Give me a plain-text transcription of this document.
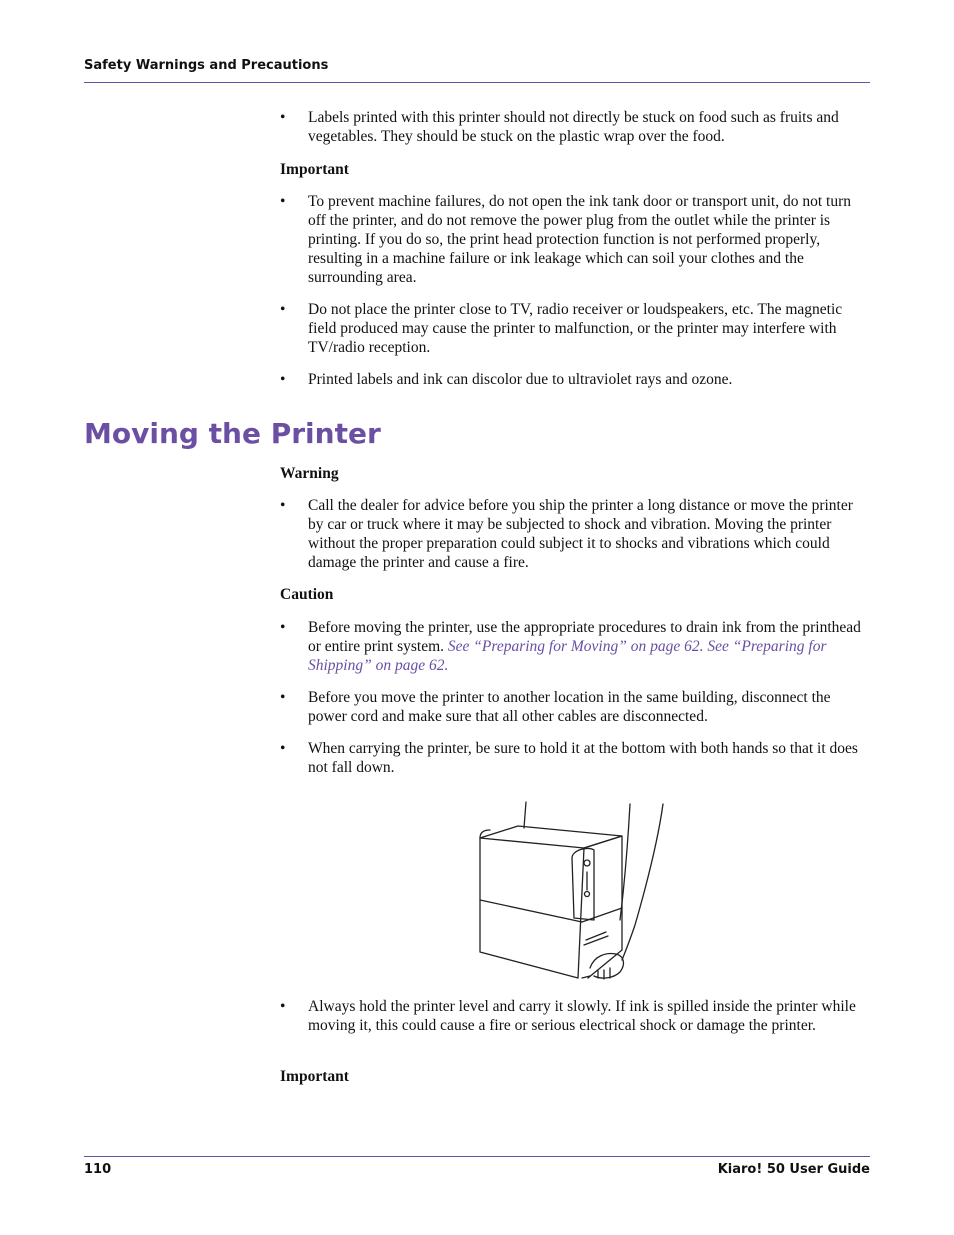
Safety Warnings and Precautions
• Labels printed with this printer should not directly be stuck on food such as fruits and vegetables. They should be stuck on the plastic wrap over the food.
Important
• To prevent machine failures, do not open the ink tank door or transport unit, do not turn off the printer, and do not remove the power plug from the outlet while the printer is printing. If you do so, the print head protection function is not performed properly, resulting in a machine failure or ink leakage which can soil your clothes and the surrounding area.
• Do not place the printer close to TV, radio receiver or loudspeakers, etc. The magnetic field produced may cause the printer to malfunction, or the printer may interfere with TV/radio reception.
• Printed labels and ink can discolor due to ultraviolet rays and ozone.
Moving the Printer
Warning
• Call the dealer for advice before you ship the printer a long distance or move the printer by car or truck where it may be subjected to shock and vibration. Moving the printer without the proper preparation could subject it to shocks and vibrations which could damage the printer and cause a fire.
Caution
• Before moving the printer, use the appropriate procedures to drain ink from the printhead or entire print system. See “Preparing for Moving” on page 62. See “Preparing for Shipping” on page 62.
• Before you move the printer to another location in the same building, disconnect the power cord and make sure that all other cables are disconnected.
• When carrying the printer, be sure to hold it at the bottom with both hands so that it does not fall down.
• Always hold the printer level and carry it slowly. If ink is spilled inside the printer while moving it, this could cause a fire or serious electrical shock or damage the printer.
Important
110	Kiaro! 50 User Guide
